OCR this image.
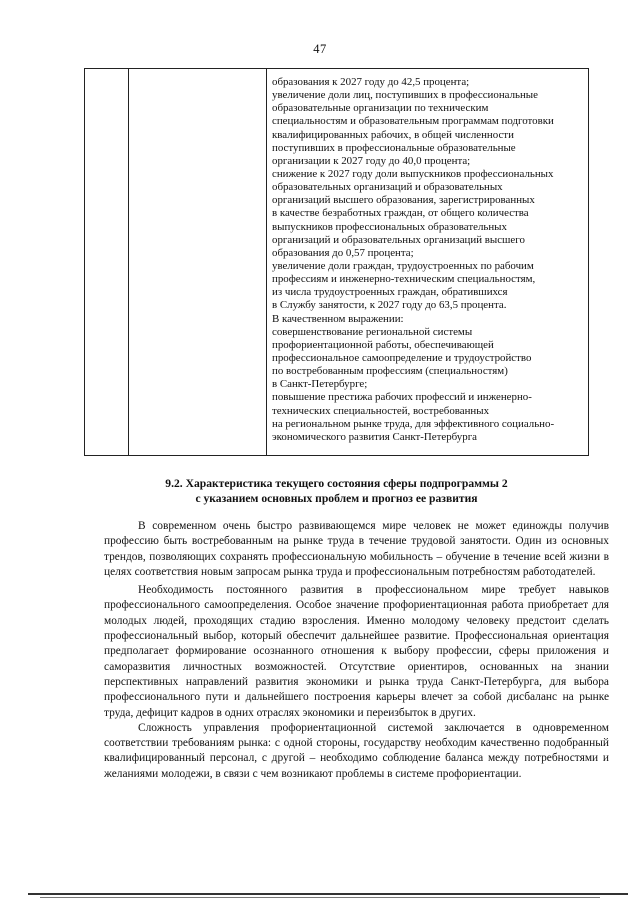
47
образования к 2027 году до 42,5 процента;
увеличение доли лиц, поступивших в профессиональные
образовательные организации по техническим
специальностям и образовательным программам подготовки
квалифицированных рабочих, в общей численности
поступивших в профессиональные образовательные
организации к 2027 году до 40,0 процента;
снижение к 2027 году доли выпускников профессиональных
образовательных организаций и образовательных
организаций высшего образования, зарегистрированных
в качестве безработных граждан, от общего количества
выпускников профессиональных образовательных
организаций и образовательных организаций высшего
образования до 0,57 процента;
увеличение доли граждан, трудоустроенных по рабочим
профессиям и инженерно-техническим специальностям,
из числа трудоустроенных граждан, обратившихся
в Службу занятости, к 2027 году до 63,5 процента.
В качественном выражении:
совершенствование региональной системы
профориентационной работы, обеспечивающей
профессиональное самоопределение и трудоустройство
по востребованным профессиям (специальностям)
в Санкт-Петербурге;
повышение престижа рабочих профессий и инженерно-
технических специальностей, востребованных
на региональном рынке труда, для эффективного социально-
экономического развития Санкт-Петербурга
9.2. Характеристика текущего состояния сферы подпрограммы 2
с указанием основных проблем и прогноз ее развития

В современном очень быстро развивающемся мире человек не может единожды получив профессию быть востребованным на рынке труда в течение трудовой занятости. Один из основных трендов, позволяющих сохранять профессиональную мобильность – обучение в течение всей жизни в целях соответствия новым запросам рынка труда и профессиональным потребностям работодателей.

Необходимость постоянного развития в профессиональном мире требует навыков профессионального самоопределения. Особое значение профориентационная работа приобретает для молодых людей, проходящих стадию взросления. Именно молодому человеку предстоит сделать профессиональный выбор, который обеспечит дальнейшее развитие. Профессиональная ориентация предполагает формирование осознанного отношения к выбору профессии, сферы приложения и саморазвития личностных возможностей. Отсутствие ориентиров, основанных на знании перспективных направлений развития экономики и рынка труда Санкт-Петербурга, для выбора профессионального пути и дальнейшего построения карьеры влечет за собой дисбаланс на рынке труда, дефицит кадров в одних отраслях экономики и переизбыток в других.

Сложность управления профориентационной системой заключается в одновременном соответствии требованиям рынка: с одной стороны, государству необходим качественно подобранный квалифицированный персонал, с другой – необходимо соблюдение баланса между потребностями и желаниями молодежи, в связи с чем возникают проблемы в системе профориентации.
